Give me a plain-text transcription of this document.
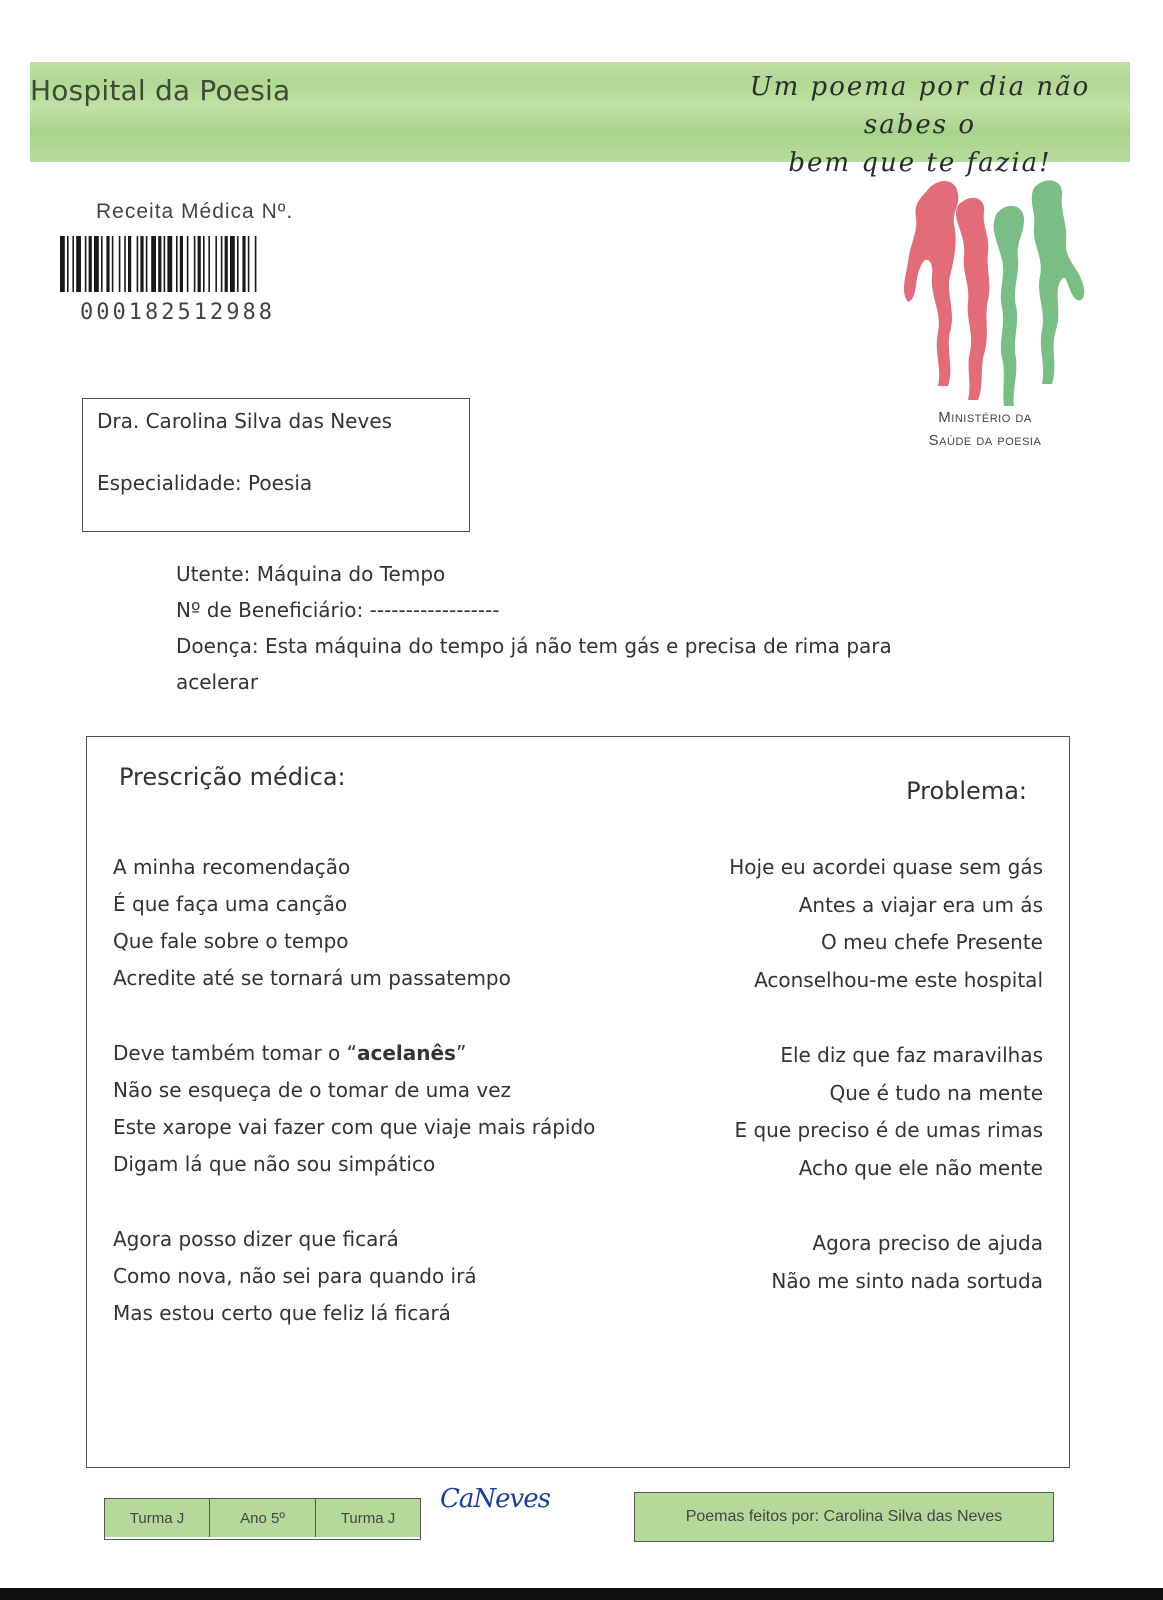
Hospital da Poesia	Um poema por dia não sabes o
bem que te fazia!
Receita Médica Nº.
000182512988
Ministério da
Saúde da poesia
Dra. Carolina Silva das Neves
Especialidade: Poesia
Utente: Máquina do Tempo
Nº de Beneficiário: ------------------
Doença: Esta máquina do tempo já não tem gás e precisa de rima para
acelerar
Prescrição médica:	Problema:
A minha recomendação
É que faça uma canção
Que fale sobre o tempo
Acredite até se tornará um passatempo
Deve também tomar o “acelanês”
Não se esqueça de o tomar de uma vez
Este xarope vai fazer com que viaje mais rápido
Digam lá que não sou simpático
Agora posso dizer que ficará
Como nova, não sei para quando irá
Mas estou certo que feliz lá ficará
Hoje eu acordei quase sem gás
Antes a viajar era um ás
O meu chefe Presente
Aconselhou-me este hospital
Ele diz que faz maravilhas
Que é tudo na mente
E que preciso é de umas rimas
Acho que ele não mente
Agora preciso de ajuda
Não me sinto nada sortuda
Turma J	Ano 5º	Turma J
CaNeves
Poemas feitos por: Carolina Silva das Neves
